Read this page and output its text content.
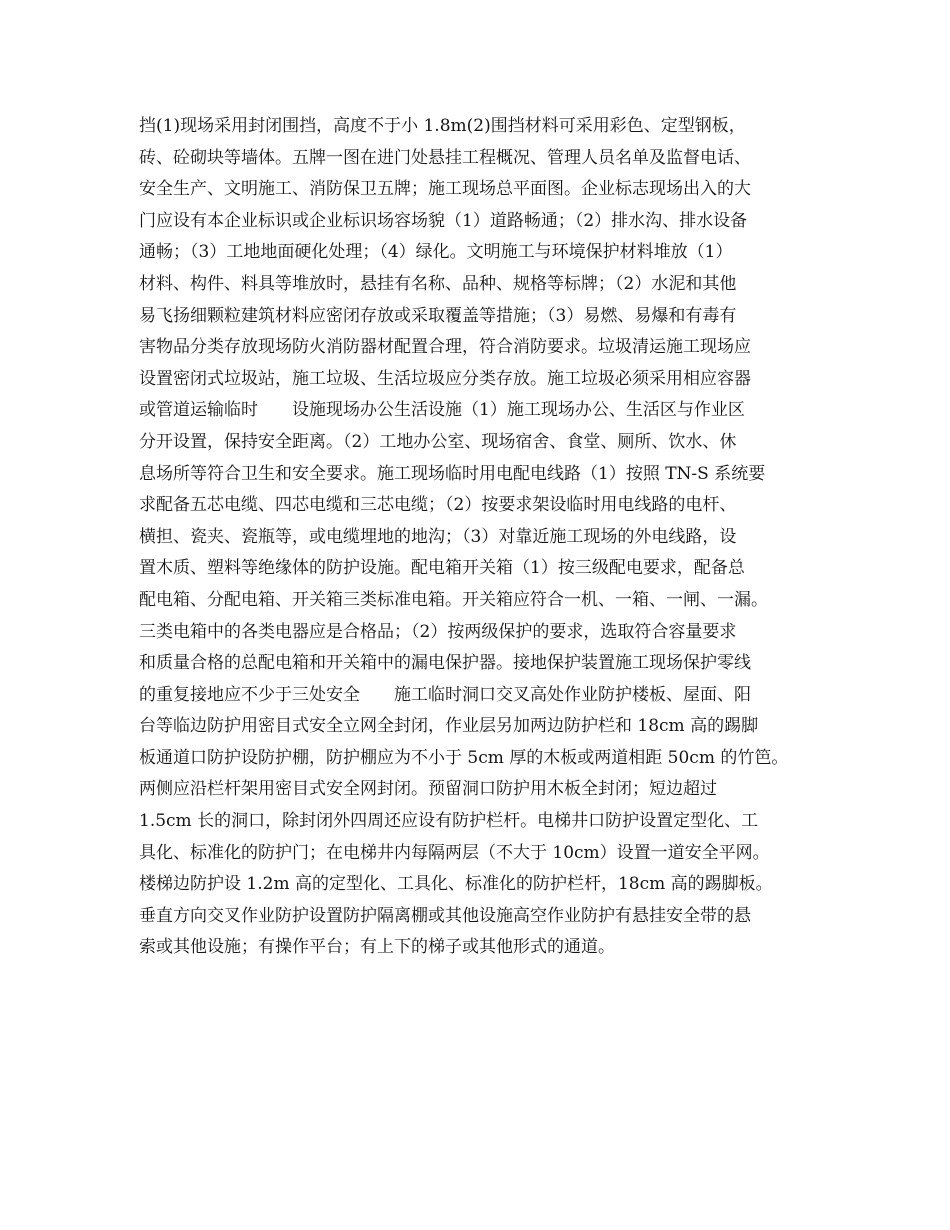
挡(1)现场采用封闭围挡，高度不于小 1.8m(2)围挡材料可采用彩色、定型钢板，
砖、砼砌块等墙体。五牌一图在进门处悬挂工程概况、管理人员名单及监督电话、
安全生产、文明施工、消防保卫五牌；施工现场总平面图。企业标志现场出入的大
门应设有本企业标识或企业标识场容场貌（1）道路畅通；（2）排水沟、排水设备
通畅；（3）工地地面硬化处理；（4）绿化。文明施工与环境保护材料堆放（1）
材料、构件、料具等堆放时，悬挂有名称、品种、规格等标牌；（2）水泥和其他
易飞扬细颗粒建筑材料应密闭存放或采取覆盖等措施；（3）易燃、易爆和有毒有
害物品分类存放现场防火消防器材配置合理，符合消防要求。垃圾清运施工现场应
设置密闭式垃圾站，施工垃圾、生活垃圾应分类存放。施工垃圾必须采用相应容器
或管道运输临时　　设施现场办公生活设施（1）施工现场办公、生活区与作业区
分开设置，保持安全距离。（2）工地办公室、现场宿舍、食堂、厕所、饮水、休
息场所等符合卫生和安全要求。施工现场临时用电配电线路（1）按照 TN-S 系统要
求配备五芯电缆、四芯电缆和三芯电缆；（2）按要求架设临时用电线路的电杆、
横担、瓷夹、瓷瓶等，或电缆埋地的地沟；（3）对靠近施工现场的外电线路，设
置木质、塑料等绝缘体的防护设施。配电箱开关箱（1）按三级配电要求，配备总
配电箱、分配电箱、开关箱三类标准电箱。开关箱应符合一机、一箱、一闸、一漏。
三类电箱中的各类电器应是合格品；（2）按两级保护的要求，选取符合容量要求
和质量合格的总配电箱和开关箱中的漏电保护器。接地保护装置施工现场保护零线
的重复接地应不少于三处安全　　施工临时洞口交叉高处作业防护楼板、屋面、阳
台等临边防护用密目式安全立网全封闭，作业层另加两边防护栏和 18cm 高的踢脚
板通道口防护设防护棚，防护棚应为不小于 5cm 厚的木板或两道相距 50cm 的竹笆。
两侧应沿栏杆架用密目式安全网封闭。预留洞口防护用木板全封闭；短边超过
1.5cm 长的洞口，除封闭外四周还应设有防护栏杆。电梯井口防护设置定型化、工
具化、标准化的防护门；在电梯井内每隔两层（不大于 10cm）设置一道安全平网。
楼梯边防护设 1.2m 高的定型化、工具化、标准化的防护栏杆，18cm 高的踢脚板。
垂直方向交叉作业防护设置防护隔离棚或其他设施高空作业防护有悬挂安全带的悬
索或其他设施；有操作平台；有上下的梯子或其他形式的通道。
